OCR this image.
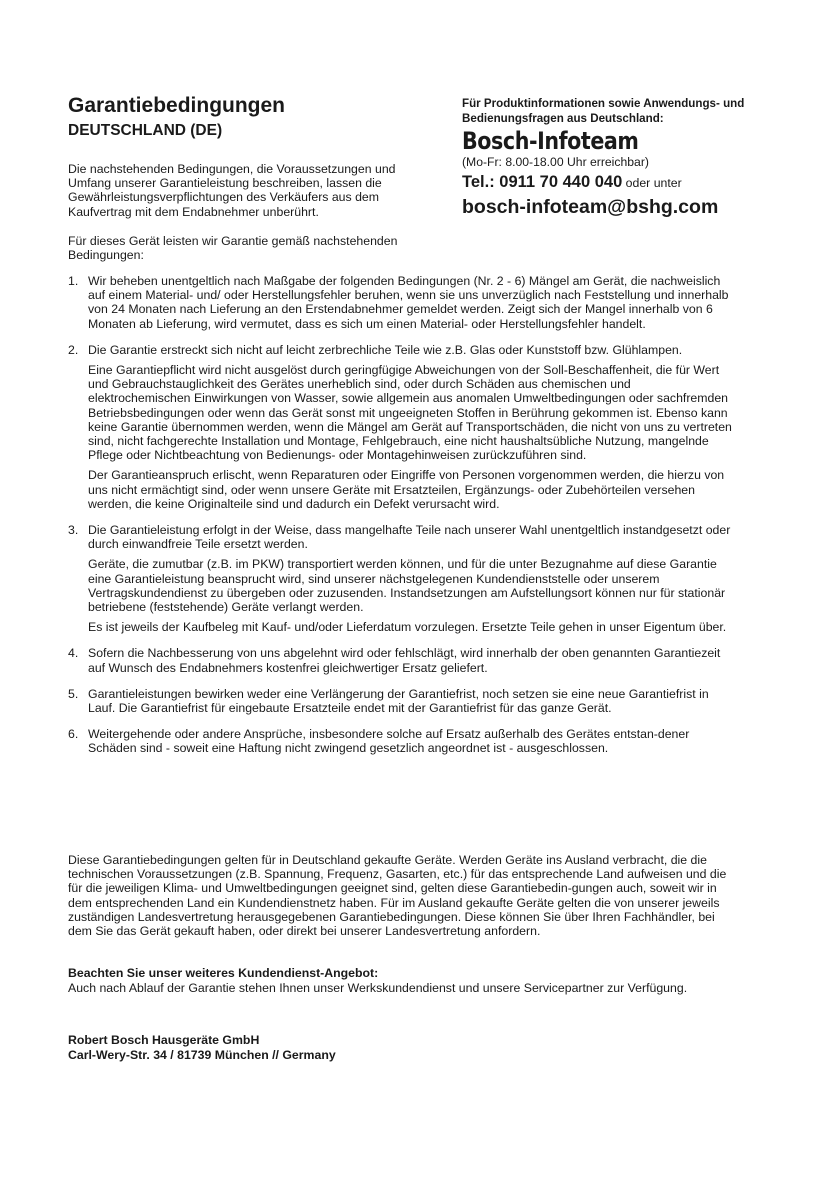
Garantiebedingungen
DEUTSCHLAND (DE)

Die nachstehenden Bedingungen, die Voraussetzungen und Umfang unserer Garantieleistung beschreiben, lassen die Gewährleistungsverpflichtungen des Verkäufers aus dem Kaufvertrag mit dem Endabnehmer unberührt.

Für dieses Gerät leisten wir Garantie gemäß nachstehenden Bedingungen:

Für Produktinformationen sowie Anwendungs- und Bedienungsfragen aus Deutschland:

Bosch-Infoteam

(Mo-Fr: 8.00-18.00 Uhr erreichbar)

Tel.: 0911 70 440 040 oder unter

bosch-infoteam@bshg.com

1. Wir beheben unentgeltlich nach Maßgabe der folgenden Bedingungen (Nr. 2 - 6) Mängel am Gerät, die nachweislich auf einem Material- und/ oder Herstellungsfehler beruhen, wenn sie uns unverzüglich nach Feststellung und innerhalb von 24 Monaten nach Lieferung an den Erstendabnehmer gemeldet werden. Zeigt sich der Mangel innerhalb von 6 Monaten ab Lieferung, wird vermutet, dass es sich um einen Material- oder Herstellungsfehler handelt.

2. Die Garantie erstreckt sich nicht auf leicht zerbrechliche Teile wie z.B. Glas oder Kunststoff bzw. Glühlampen.

Eine Garantiepflicht wird nicht ausgelöst durch geringfügige Abweichungen von der Soll-Beschaffenheit, die für Wert und Gebrauchstauglichkeit des Gerätes unerheblich sind, oder durch Schäden aus chemischen und elektrochemischen Einwirkungen von Wasser, sowie allgemein aus anomalen Umweltbedingungen oder sachfremden Betriebsbedingungen oder wenn das Gerät sonst mit ungeeigneten Stoffen in Berührung gekommen ist. Ebenso kann keine Garantie übernommen werden, wenn die Mängel am Gerät auf Transportschäden, die nicht von uns zu vertreten sind, nicht fachgerechte Installation und Montage, Fehlgebrauch, eine nicht haushaltsübliche Nutzung, mangelnde Pflege oder Nichtbeachtung von Bedienungs- oder Montagehinweisen zurückzuführen sind.

Der Garantieanspruch erlischt, wenn Reparaturen oder Eingriffe von Personen vorgenommen werden, die hierzu von uns nicht ermächtigt sind, oder wenn unsere Geräte mit Ersatzteilen, Ergänzungs- oder Zubehörteilen versehen werden, die keine Originalteile sind und dadurch ein Defekt verursacht wird.

3. Die Garantieleistung erfolgt in der Weise, dass mangelhafte Teile nach unserer Wahl unentgeltlich instandgesetzt oder durch einwandfreie Teile ersetzt werden.

Geräte, die zumutbar (z.B. im PKW) transportiert werden können, und für die unter Bezugnahme auf diese Garantie eine Garantieleistung beansprucht wird, sind unserer nächstgelegenen Kundendienststelle oder unserem Vertragskundendienst zu übergeben oder zuzusenden. Instandsetzungen am Aufstellungsort können nur für stationär betriebene (feststehende) Geräte verlangt werden.

Es ist jeweils der Kaufbeleg mit Kauf- und/oder Lieferdatum vorzulegen. Ersetzte Teile gehen in unser Eigentum über.

4. Sofern die Nachbesserung von uns abgelehnt wird oder fehlschlägt, wird innerhalb der oben genannten Garantiezeit auf Wunsch des Endabnehmers kostenfrei gleichwertiger Ersatz geliefert.

5. Garantieleistungen bewirken weder eine Verlängerung der Garantiefrist, noch setzen sie eine neue Garantiefrist in Lauf. Die Garantiefrist für eingebaute Ersatzteile endet mit der Garantiefrist für das ganze Gerät.

6. Weitergehende oder andere Ansprüche, insbesondere solche auf Ersatz außerhalb des Gerätes entstan-dener Schäden sind - soweit eine Haftung nicht zwingend gesetzlich angeordnet ist - ausgeschlossen.

Diese Garantiebedingungen gelten für in Deutschland gekaufte Geräte. Werden Geräte ins Ausland verbracht, die die technischen Voraussetzungen (z.B. Spannung, Frequenz, Gasarten, etc.) für das entsprechende Land aufweisen und die für die jeweiligen Klima- und Umweltbedingungen geeignet sind, gelten diese Garantiebedin-gungen auch, soweit wir in dem entsprechenden Land ein Kundendienstnetz haben. Für im Ausland gekaufte Geräte gelten die von unserer jeweils zuständigen Landesvertretung herausgegebenen Garantiebedingungen. Diese können Sie über Ihren Fachhändler, bei dem Sie das Gerät gekauft haben, oder direkt bei unserer Landesvertretung anfordern.

Beachten Sie unser weiteres Kundendienst-Angebot:

Auch nach Ablauf der Garantie stehen Ihnen unser Werkskundendienst und unsere Servicepartner zur Verfügung.

Robert Bosch Hausgeräte GmbH
Carl-Wery-Str. 34 / 81739 München // Germany
